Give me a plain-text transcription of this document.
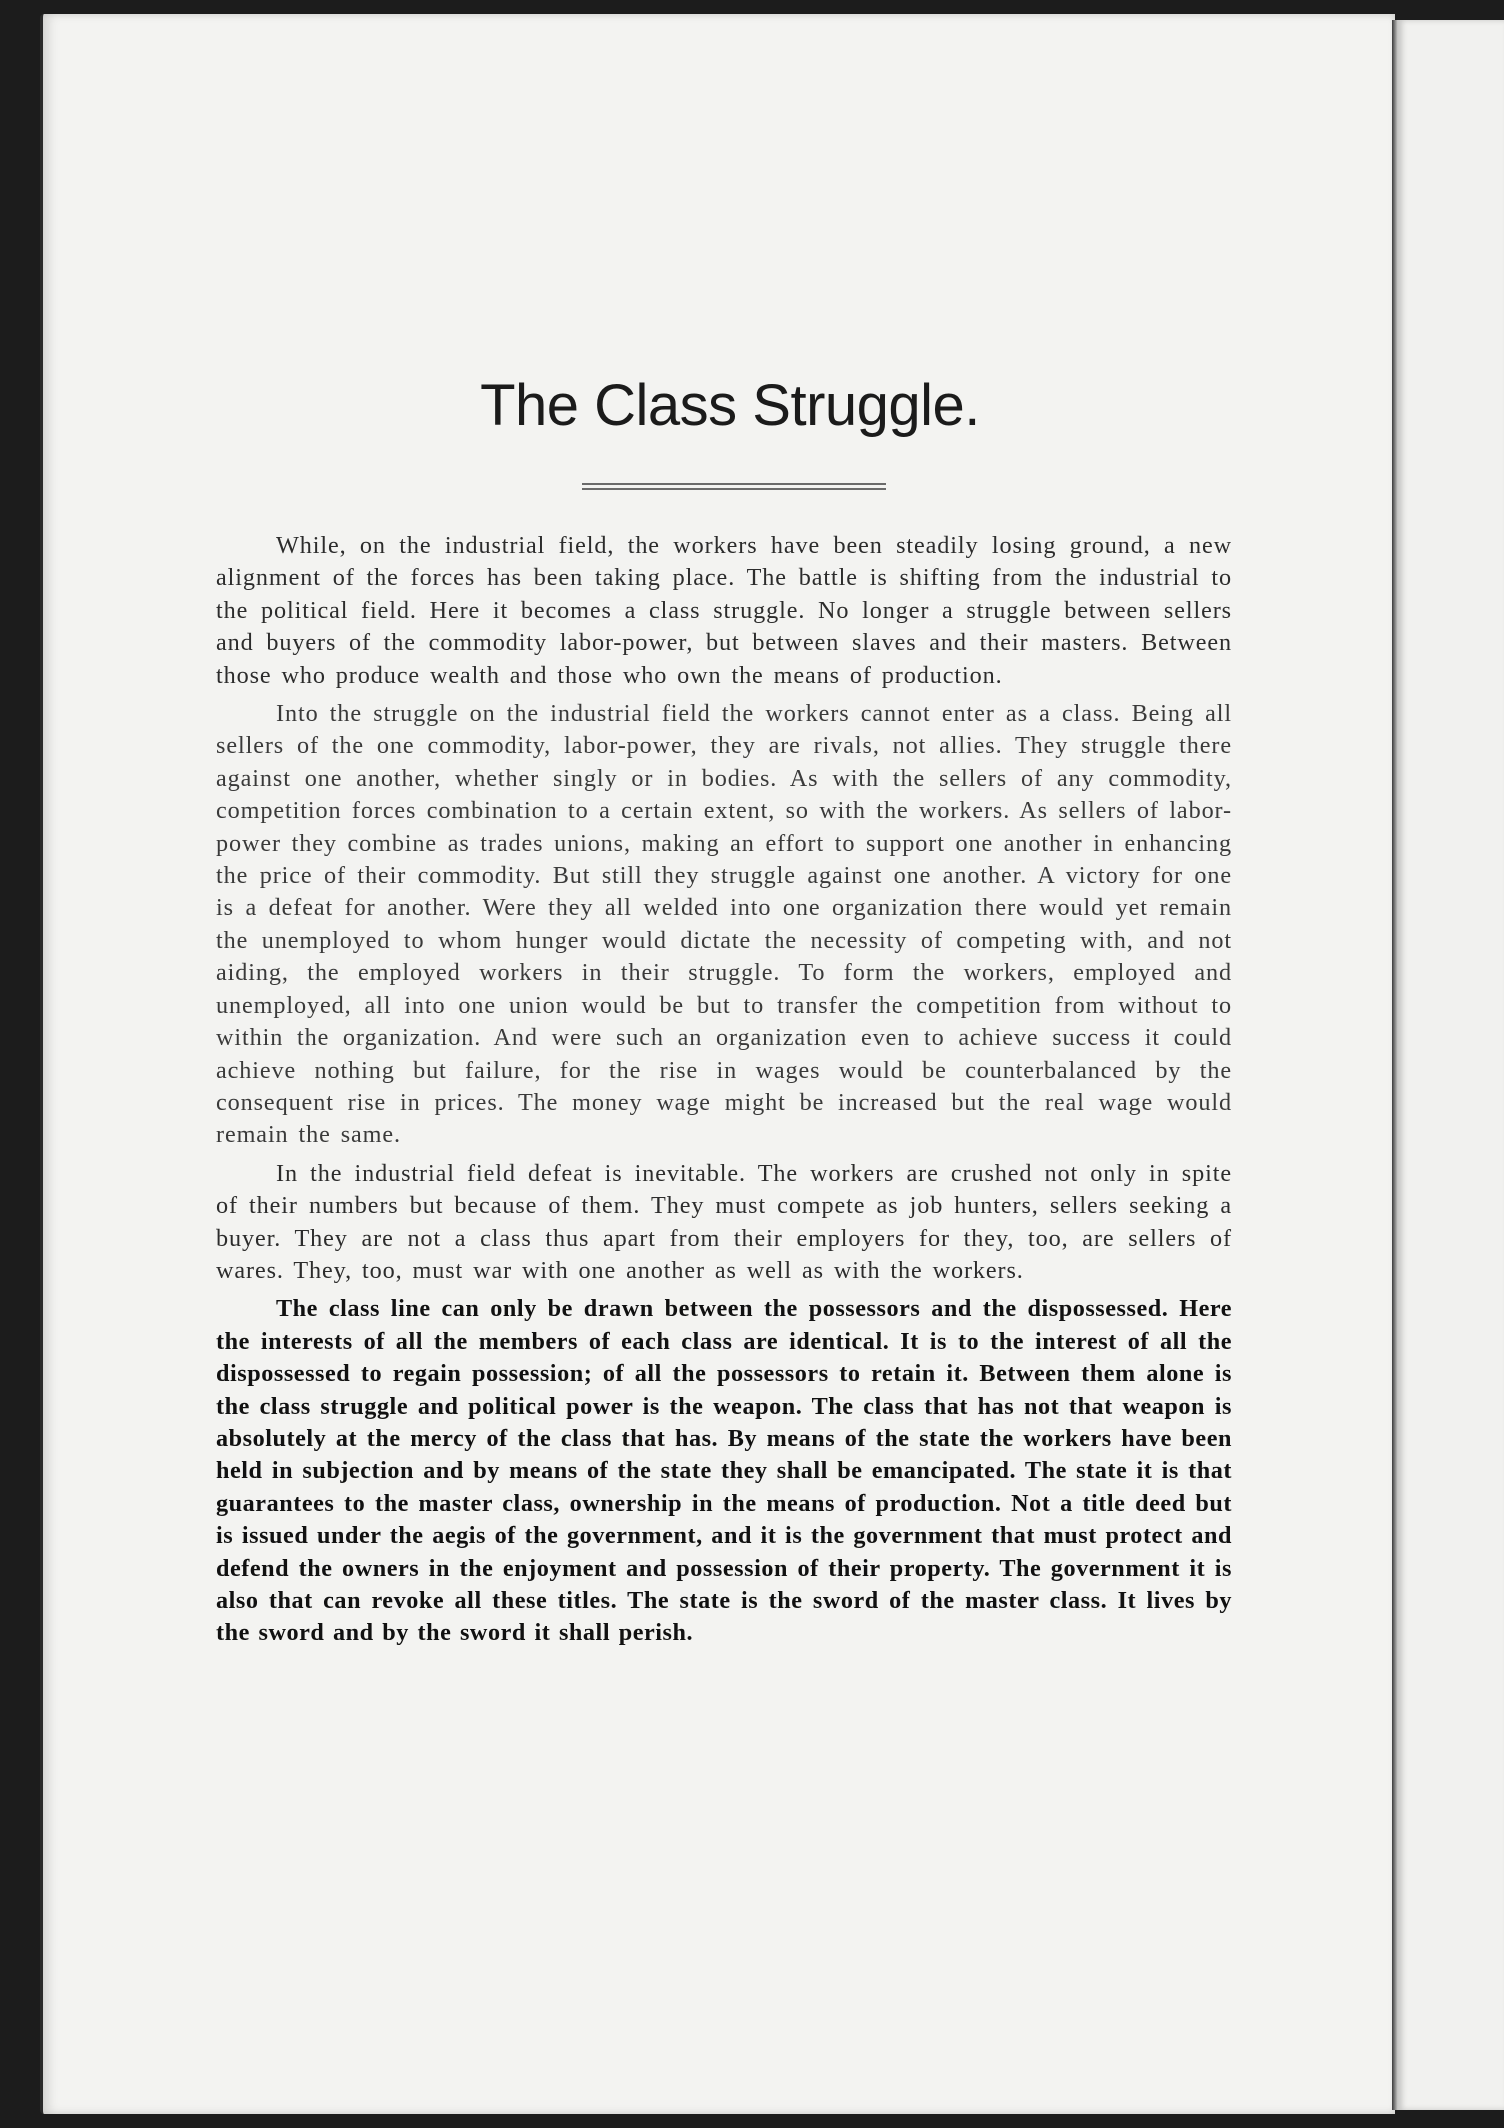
The Class Struggle.

While, on the industrial field, the workers have been steadily losing ground, a new alignment of the forces has been taking place. The battle is shifting from the industrial to the political field. Here it becomes a class struggle. No longer a struggle between sellers and buyers of the commodity labor-power, but between slaves and their masters. Between those who produce wealth and those who own the means of production.

Into the struggle on the industrial field the workers cannot enter as a class. Being all sellers of the one commodity, labor-power, they are rivals, not allies. They struggle there against one another, whether singly or in bodies. As with the sellers of any commodity, competition forces combination to a certain extent, so with the workers. As sellers of labor-power they combine as trades unions, making an effort to support one another in enhancing the price of their commodity. But still they struggle against one another. A victory for one is a defeat for another. Were they all welded into one organization there would yet remain the unemployed to whom hunger would dictate the necessity of competing with, and not aiding, the employed workers in their struggle. To form the workers, employed and unemployed, all into one union would be but to transfer the competition from without to within the organization. And were such an organization even to achieve success it could achieve nothing but failure, for the rise in wages would be counterbalanced by the consequent rise in prices. The money wage might be increased but the real wage would remain the same.

In the industrial field defeat is inevitable. The workers are crushed not only in spite of their numbers but because of them. They must compete as job hunters, sellers seeking a buyer. They are not a class thus apart from their employers for they, too, are sellers of wares. They, too, must war with one another as well as with the workers.

The class line can only be drawn between the possessors and the dispossessed. Here the interests of all the members of each class are identical. It is to the interest of all the dispossessed to regain possession; of all the possessors to retain it. Between them alone is the class struggle and political power is the weapon. The class that has not that weapon is absolutely at the mercy of the class that has. By means of the state the workers have been held in subjection and by means of the state they shall be emancipated. The state it is that guarantees to the master class, ownership in the means of production. Not a title deed but is issued under the aegis of the government, and it is the government that must protect and defend the owners in the enjoyment and possession of their property. The government it is also that can revoke all these titles. The state is the sword of the master class. It lives by the sword and by the sword it shall perish.
